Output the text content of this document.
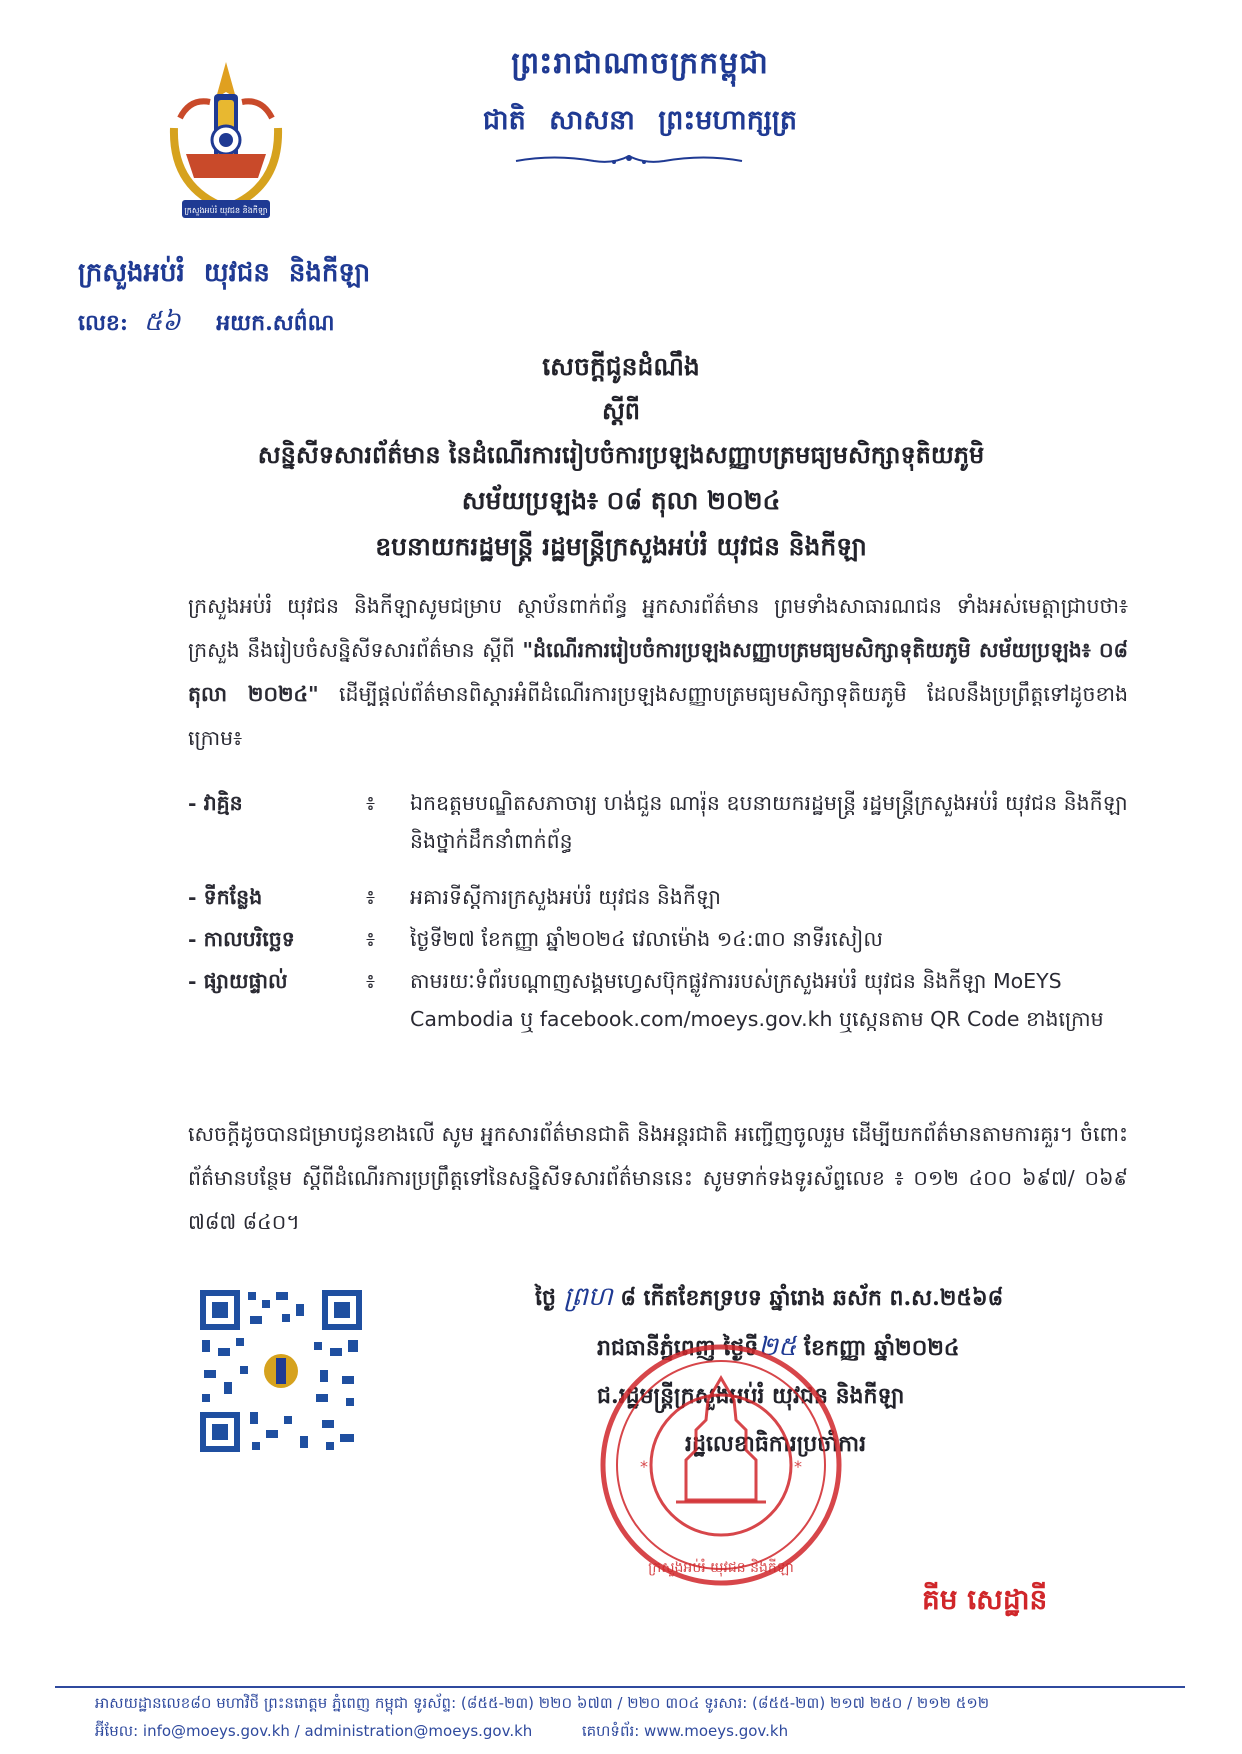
ព្រះរាជាណាចក្រកម្ពុជា
ជាតិ សាសនា ព្រះមហាក្សត្រ
ក្រសួងអប់រំ យុវជន និងកីឡា
ក្រសួងអប់រំ យុវជន និងកីឡា
លេខ: ៥៦ អយក.សព៌ណ
សេចក្តីជូនដំណឹង
ស្តីពី
សន្និសីទសារព័ត៌មាន នៃដំណើរការរៀបចំការប្រឡងសញ្ញាបត្រមធ្យមសិក្សាទុតិយភូមិ
សម័យប្រឡង៖ ០៨ តុលា ២០២៤
ឧបនាយករដ្ឋមន្ត្រី រដ្ឋមន្ត្រីក្រសួងអប់រំ យុវជន និងកីឡា
ក្រសួងអប់រំ យុវជន និងកីឡាសូមជម្រាប ស្ថាប័នពាក់ព័ន្ធ អ្នកសារព័ត៌មាន ព្រមទាំងសាធារណជន ទាំងអស់មេត្តាជ្រាបថា៖ ក្រសួង នឹងរៀបចំសន្និសីទសារព័ត៌មាន ស្តីពី "ដំណើរការរៀបចំការប្រឡងសញ្ញាបត្រមធ្យមសិក្សាទុតិយភូមិ សម័យប្រឡង៖ ០៨ តុលា ២០២៤" ដើម្បីផ្តល់ព័ត៌មានពិស្តារអំពីដំណើរការប្រឡងសញ្ញាបត្រមធ្យមសិក្សាទុតិយភូមិ ដែលនឹងប្រព្រឹត្តទៅដូចខាងក្រោម៖
- វាគ្មិន	៖	ឯកឧត្តមបណ្ឌិតសភាចារ្យ ហង់ជួន ណារ៉ុន ឧបនាយករដ្ឋមន្ត្រី រដ្ឋមន្ត្រីក្រសួងអប់រំ យុវជន និងកីឡា និងថ្នាក់ដឹកនាំពាក់ព័ន្ធ
- ទីកន្លែង	៖	អគារទីស្តីការក្រសួងអប់រំ យុវជន និងកីឡា
- កាលបរិច្ឆេទ	៖	ថ្ងៃទី២៧ ខែកញ្ញា ឆ្នាំ២០២៤ វេលាម៉ោង ១៤:៣០ នាទីរសៀល
- ផ្សាយផ្ទាល់	៖	តាមរយៈទំព័របណ្តាញសង្គមហ្វេសប៊ុកផ្លូវការរបស់ក្រសួងអប់រំ យុវជន និងកីឡា MoEYS Cambodia ឬ facebook.com/moeys.gov.kh ឬស្កេនតាម QR Code ខាងក្រោម
សេចក្តីដូចបានជម្រាបជូនខាងលើ សូម អ្នកសារព័ត៌មានជាតិ និងអន្តរជាតិ អញ្ជើញចូលរួម ដើម្បីយកព័ត៌មានតាមការគួរ។ ចំពោះព័ត៌មានបន្ថែម ស្តីពីដំណើរការប្រព្រឹត្តទៅនៃសន្និសីទសារព័ត៌មាននេះ សូមទាក់ទងទូរស័ព្ទលេខ ៖ ០១២ ៤០០ ៦៩៧/ ០៦៩ ៧៨៧ ៨៤០។
ថ្ងៃ ព្រហ ៨ កើតខែភទ្របទ ឆ្នាំរោង ឆស័ក ព.ស.២៥៦៨
រាជធានីភ្នំពេញ ថ្ងៃទី២៥ ខែកញ្ញា ឆ្នាំ២០២៤
ជ.រដ្ឋមន្ត្រីក្រសួងអប់រំ យុវជន និងកីឡា
រដ្ឋលេខាធិការប្រចាំការ
*	*
ក្រសួងអប់រំ យុវជន និងកីឡា
គីម សេដ្ឋានី
អាសយដ្ឋានលេខ៨០ មហាវិថី ព្រះនរោត្តម ភ្នំពេញ កម្ពុជា ទូរស័ព្ទ: (៨៥៥-២៣) ២២០ ៦៧៣ / ២២០ ៣០៤ ទូរសារ: (៨៥៥-២៣) ២១៧ ២៥០ / ២១២ ៥១២
អ៊ីមែល: info@moeys.gov.kh / administration@moeys.gov.kh	គេហទំព័រ: www.moeys.gov.kh
